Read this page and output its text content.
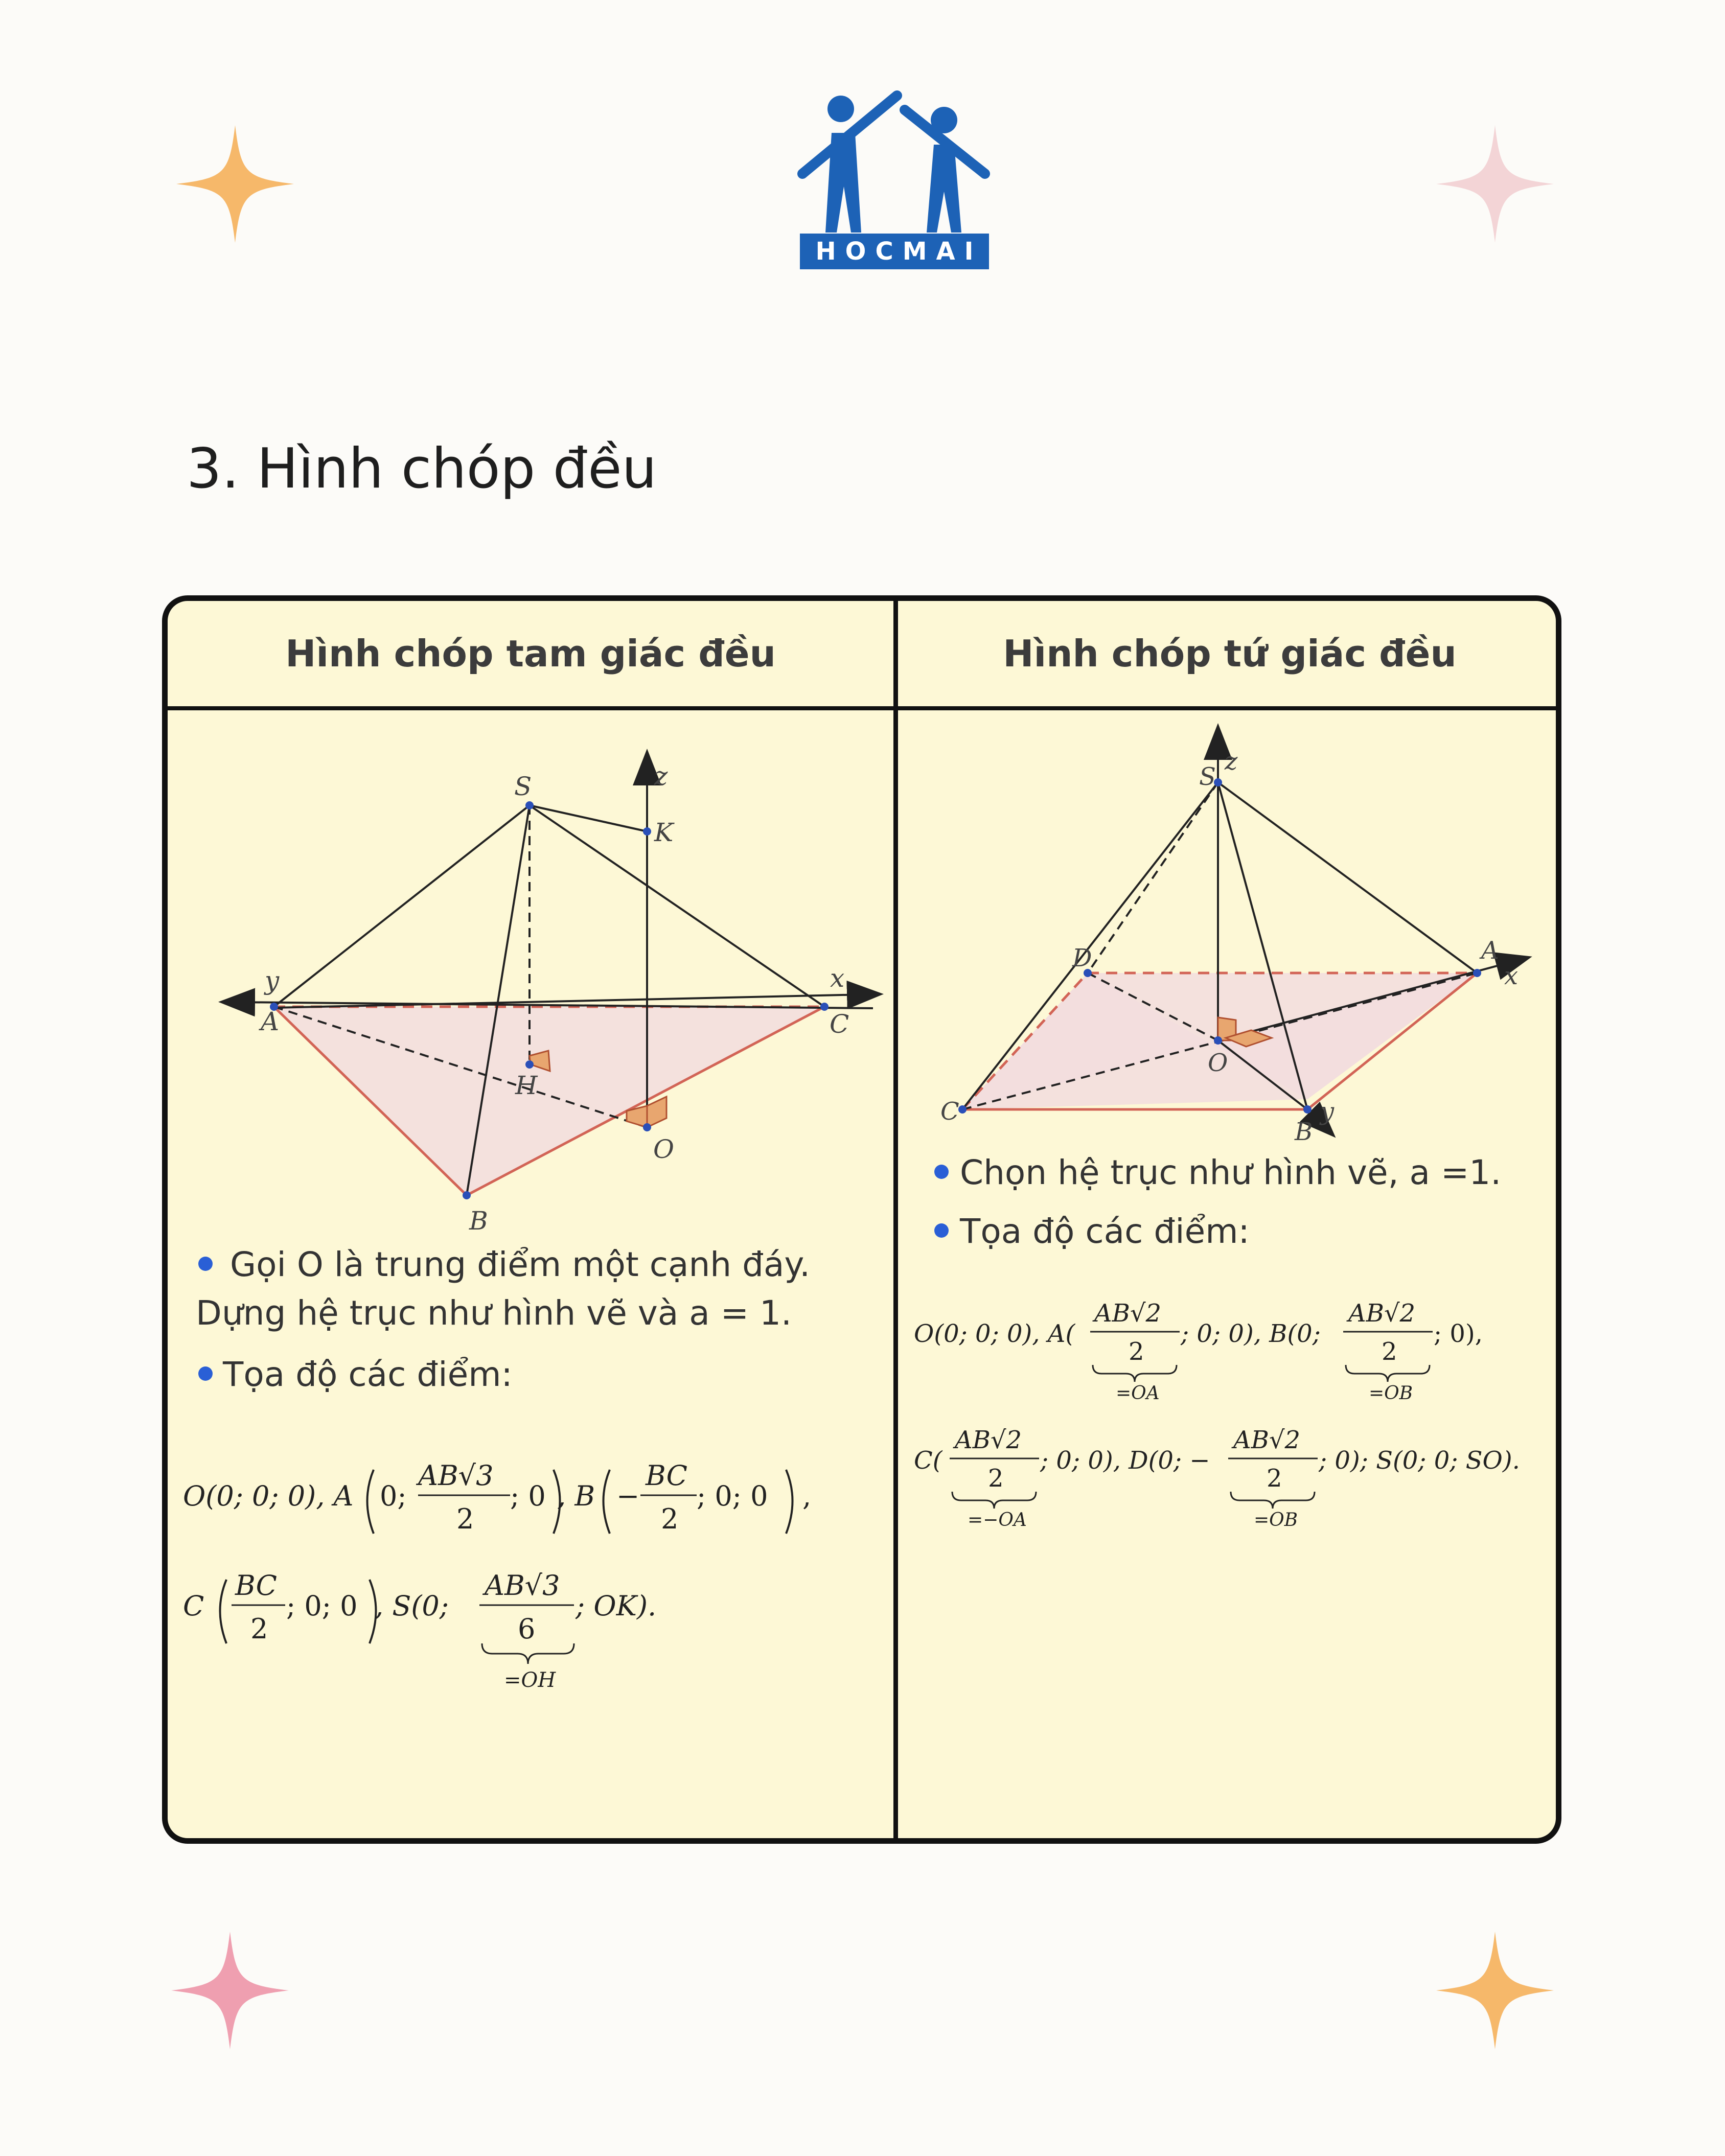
HOCMAI
3. Hình chóp đều
Hình chóp tam giác đều	Hình chóp tứ giác đều
S	z
K
y	x
A	C
H
O
B
Gọi O là trung điểm một cạnh đáy.
Dựng hệ trục như hình vẽ và a = 1.
Tọa độ các điểm:
O(0; 0; 0), A 0;
AB√3
2
; 0 , B −
BC
2
; 0; 0 ,
C
BC
2
; 0; 0 , S(0;
AB√3
6
; OK).
=OH
S
z
D	A
x
O
C
B
y
Chọn hệ trục như hình vẽ, a =1.
Tọa độ các điểm:
O(0; 0; 0), A(
AB√2
2
; 0; 0), B(0;
=OA
AB√2
2
; 0),
=OB
C(
AB√2
2
; 0; 0), D(0; −
=−OA
AB√2
2
; 0); S(0; 0; SO).
=OB
